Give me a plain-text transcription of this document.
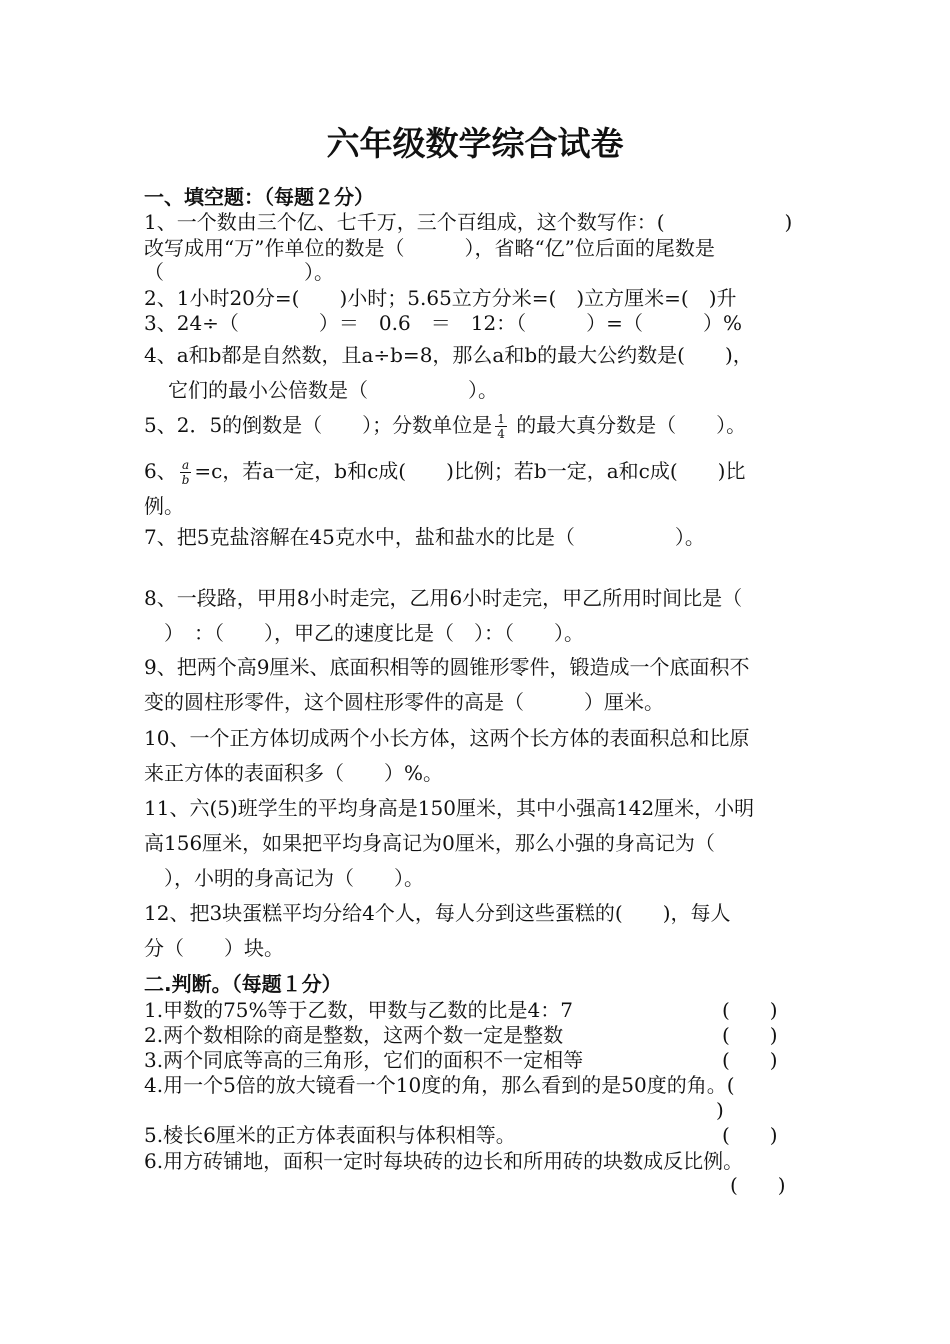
六年级数学综合试卷
一、填空题：（每题２分）
1、一个数由三个亿、七千万，三个百组成，这个数写作：(　　　　　　)
改写成用“万”作单位的数是（　　　），省略“亿”位后面的尾数是
（　　　　　　　）。
2、1小时20分=(　　)小时；5.65立方分米=(　)立方厘米=(　)升
3、24÷（　　　　）＝　0.6　＝　12：（　　　）=（　　　）%
4、a和b都是自然数，且a÷b=8，那么a和b的最大公约数是(　　)，
它们的最小公倍数是（　　　　　）。
5、2．5的倒数是（　　）；分数单位是 $\frac{1}{4}$ 的最大真分数是（　　）。
6、 $\frac{a}{b} =c$，若a一定，b和c成(　　)比例；若b一定，a和c成(　　)比
例。
7、把5克盐溶解在45克水中，盐和盐水的比是（　　　　　）。
8、一段路，甲用8小时走完，乙用6小时走完，甲乙所用时间比是（
　）　：（　　），甲乙的速度比是（　）：（　　）。
9、把两个高9厘米、底面积相等的圆锥形零件，锻造成一个底面积不
变的圆柱形零件，这个圆柱形零件的高是（　　　）厘米。
10、一个正方体切成两个小长方体，这两个长方体的表面积总和比原
来正方体的表面积多（　　）%。
11、六(5)班学生的平均身高是150厘米，其中小强高142厘米，小明
高156厘米，如果把平均身高记为0厘米，那么小强的身高记为（
　），小明的身高记为（　　）。
12、把3块蛋糕平均分给4个人，每人分到这些蛋糕的(　　)，每人
分（　　）块。
二.判断。（每题１分）
1.甲数的75%等于乙数，甲数与乙数的比是4：7	(　　)
2.两个数相除的商是整数，这两个数一定是整数	(　　)
3.两个同底等高的三角形，它们的面积不一定相等	(　　)
4.用一个5倍的放大镜看一个10度的角，那么看到的是50度的角。(
)
5.棱长6厘米的正方体表面积与体积相等。	(　　)
6.用方砖铺地，面积一定时每块砖的边长和所用砖的块数成反比例。
(　　)
